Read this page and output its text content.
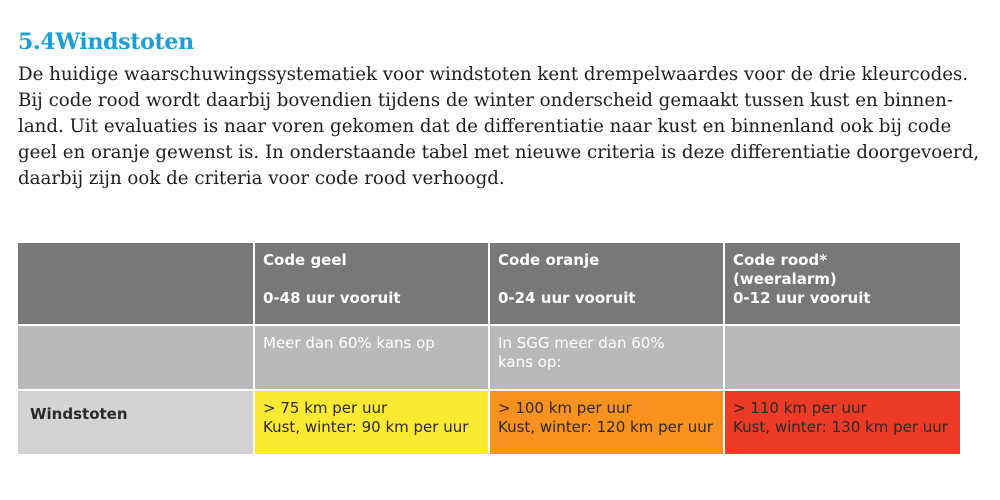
5.4Windstoten
De huidige waarschuwingssystematiek voor windstoten kent drempelwaardes voor de drie kleurcodes.
Bij code rood wordt daarbij bovendien tijdens de winter onderscheid gemaakt tussen kust en binnen-
land. Uit evaluaties is naar voren gekomen dat de differentiatie naar kust en binnenland ook bij code
geel en oranje gewenst is. In onderstaande tabel met nieuwe criteria is deze differentiatie doorgevoerd,
daarbij zijn ook de criteria voor code rood verhoogd.
Code geel
0-48 uur vooruit
Code oranje
0-24 uur vooruit
Code rood*
(weeralarm)
0-12 uur vooruit
Meer dan 60% kans op	In SGG meer dan 60%
kans op:
Windstoten	> 75 km per uur
Kust, winter: 90 km per uur
> 100 km per uur
Kust, winter: 120 km per uur
> 110 km per uur
Kust, winter: 130 km per uur
